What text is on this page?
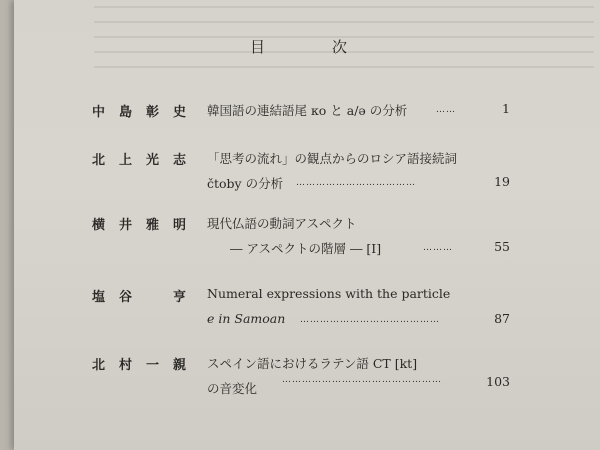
目　次
中島彰史 韓国語の連結語尾 κο と a/ə の分析	……	1
北上光志 「思考の流れ」の観点からのロシア語接続詞
čtoby の分析 ………………………………	19
横井雅明 現代仏語の動詞アスペクト
― アスペクトの階層 ― [Ⅰ]	………	55
塩谷　亨 Numeral expressions with the particle
e in Samoan ……………………………………	87
北村一親 スペイン語におけるラテン語 CT [kt]
の音変化
…………………………………………	103
